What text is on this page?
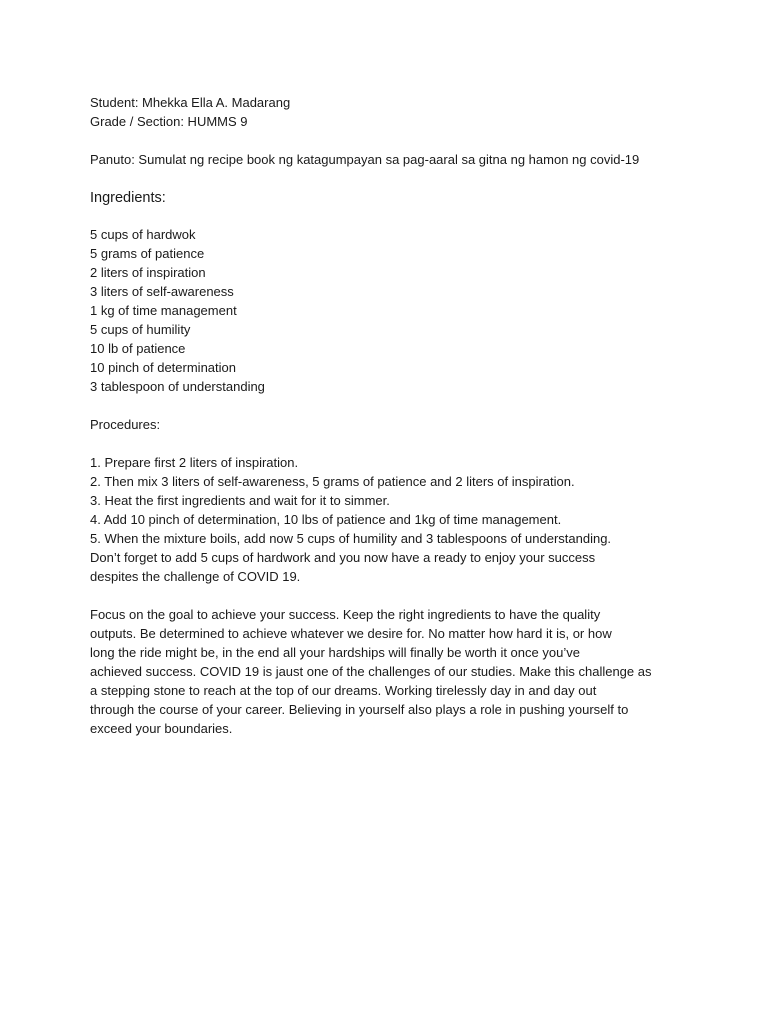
Student: Mhekka Ella A. Madarang
Grade / Section: HUMMS 9
Panuto: Sumulat ng recipe book ng katagumpayan sa pag-aaral sa gitna ng hamon ng covid-19
Ingredients:
5 cups of hardwok
5 grams of patience
2 liters of inspiration
3 liters of self-awareness
1 kg of time management
5 cups of humility
10 lb of patience
10 pinch of determination
3 tablespoon of understanding
Procedures:
1. Prepare first 2 liters of inspiration.
2. Then mix 3 liters of self-awareness, 5 grams of patience and 2 liters of inspiration.
3. Heat the first ingredients and wait for it to simmer.
4. Add 10 pinch of determination, 10 lbs of patience and 1kg of time management.
5. When the mixture boils, add now 5 cups of humility and 3 tablespoons of understanding.
Don’t forget to add 5 cups of hardwork and you now have a ready to enjoy your success
despites the challenge of COVID 19.
Focus on the goal to achieve your success. Keep the right ingredients to have the quality
outputs. Be determined to achieve whatever we desire for. No matter how hard it is, or how
long the ride might be, in the end all your hardships will finally be worth it once you’ve
achieved success. COVID 19 is jaust one of the challenges of our studies. Make this challenge as
a stepping stone to reach at the top of our dreams. Working tirelessly day in and day out
through the course of your career. Believing in yourself also plays a role in pushing yourself to
exceed your boundaries.
